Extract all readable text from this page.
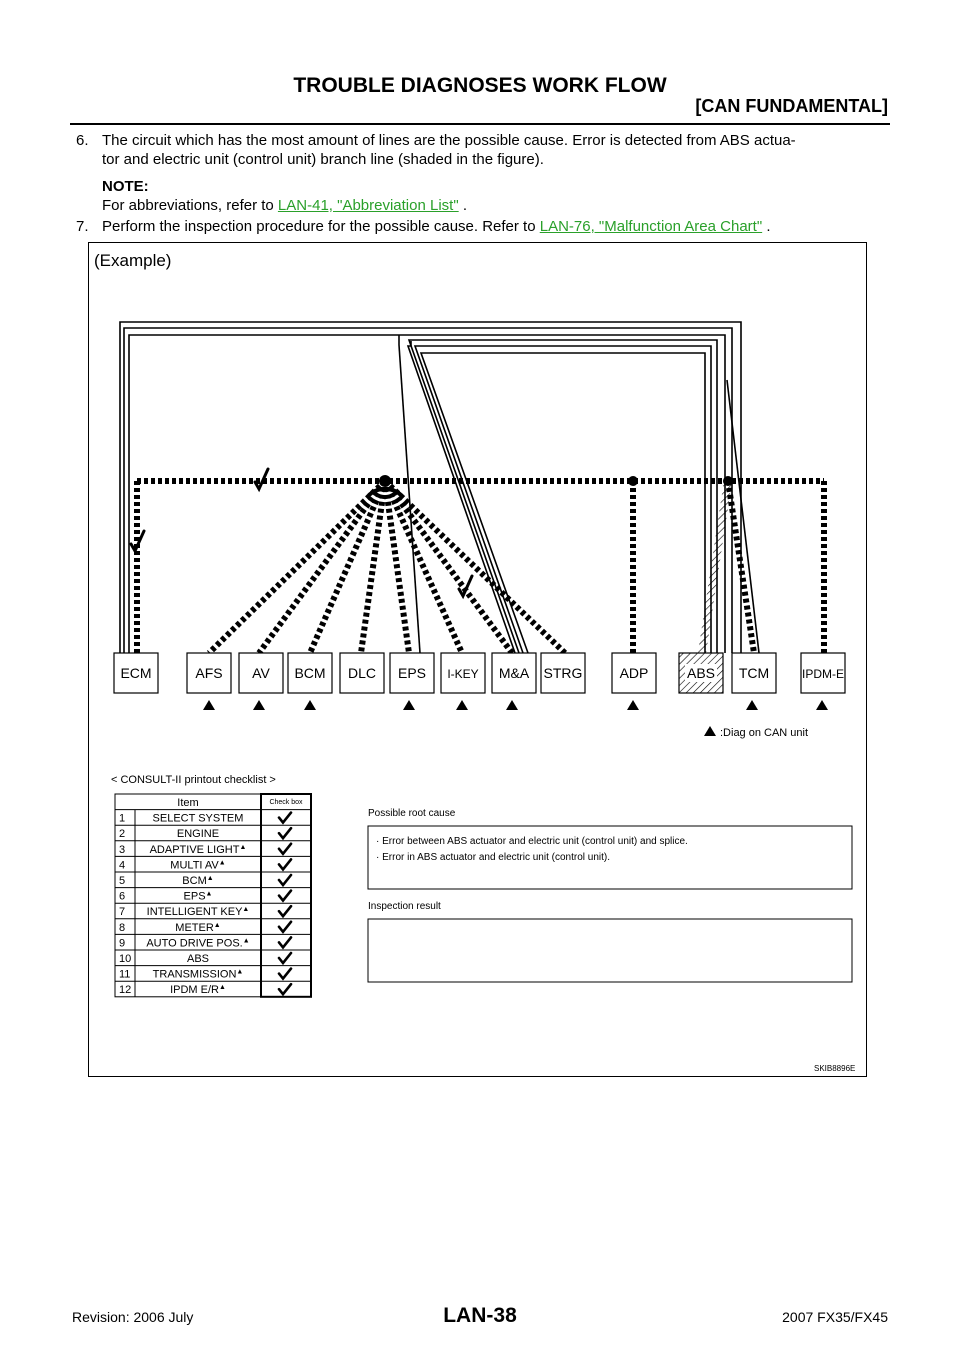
TROUBLE DIAGNOSES WORK FLOW
[CAN FUNDAMENTAL]
6. The circuit which has the most amount of lines are the possible cause. Error is detected from ABS actua-
tor and electric unit (control unit) branch line (shaded in the figure).
NOTE:
For abbreviations, refer to LAN-41, "Abbreviation List" .
7. Perform the inspection procedure for the possible cause. Refer to LAN-76, "Malfunction Area Chart" .
(Example)
ECM	AFS AV BCM DLC EPS I-KEY M&A STRG	ADP	ABS TCM	IPDM-E
:Diag on CAN unit
< CONSULT-II printout checklist >
Item	Check box
1 SELECT SYSTEM
2	ENGINE
3 ADAPTIVE LIGHT▲
4	MULTI AV▲
5	BCM▲
6	EPS▲
7 INTELLIGENT KEY▲
8	METER▲
9 AUTO DRIVE POS.▲
10	ABS
11 TRANSMISSION▲
12	IPDM E/R▲
Possible root cause
· Error between ABS actuator and electric unit (control unit) and splice.
· Error in ABS actuator and electric unit (control unit).
Inspection result
SKIB8896E
Revision: 2006 July	LAN-38	2007 FX35/FX45
